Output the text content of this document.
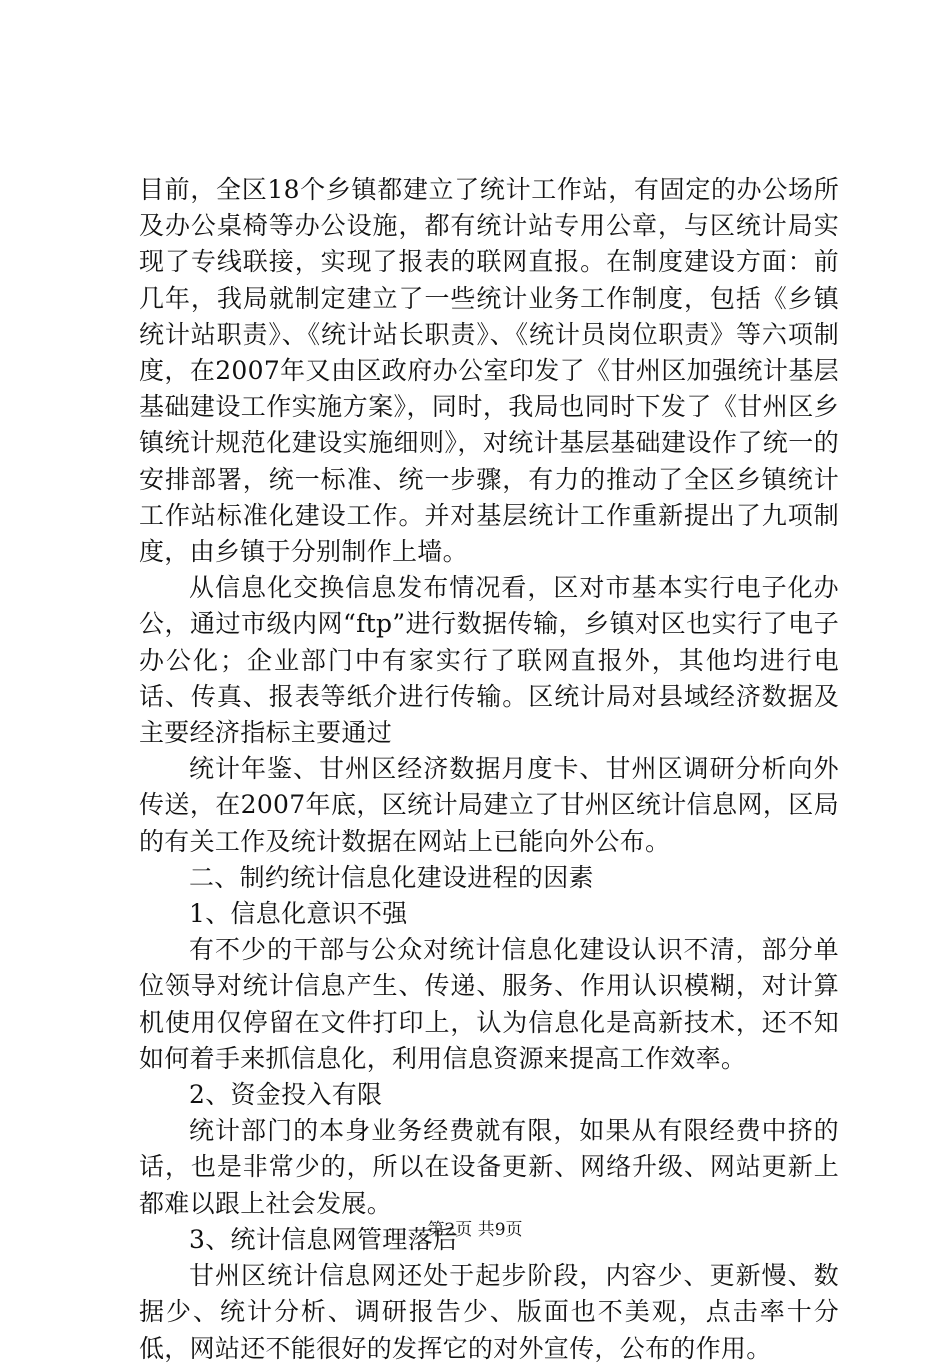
目前，全区18个乡镇都建立了统计工作站，有固定的办公场所及办公桌椅等办公设施，都有统计站专用公章，与区统计局实现了专线联接，实现了报表的联网直报。在制度建设方面：前几年，我局就制定建立了一些统计业务工作制度，包括《乡镇统计站职责》、《统计站长职责》、《统计员岗位职责》等六项制度，在2007年又由区政府办公室印发了《甘州区加强统计基层基础建设工作实施方案》，同时，我局也同时下发了《甘州区乡镇统计规范化建设实施细则》，对统计基层基础建设作了统一的安排部署，统一标准、统一步骤，有力的推动了全区乡镇统计工作站标准化建设工作。并对基层统计工作重新提出了九项制度，由乡镇于分别制作上墙。

从信息化交换信息发布情况看，区对市基本实行电子化办公，通过市级内网“ftp”进行数据传输，乡镇对区也实行了电子办公化；企业部门中有家实行了联网直报外，其他均进行电话、传真、报表等纸介进行传输。区统计局对县域经济数据及主要经济指标主要通过

统计年鉴、甘州区经济数据月度卡、甘州区调研分析向外传送，在2007年底，区统计局建立了甘州区统计信息网，区局的有关工作及统计数据在网站上已能向外公布。

二、制约统计信息化建设进程的因素

1、信息化意识不强

有不少的干部与公众对统计信息化建设认识不清，部分单位领导对统计信息产生、传递、服务、作用认识模糊，对计算机使用仅停留在文件打印上，认为信息化是高新技术，还不知如何着手来抓信息化，利用信息资源来提高工作效率。

2、资金投入有限

统计部门的本身业务经费就有限，如果从有限经费中挤的话，也是非常少的，所以在设备更新、网络升级、网站更新上都难以跟上社会发展。

3、统计信息网管理落后

甘州区统计信息网还处于起步阶段，内容少、更新慢、数据少、统计分析、调研报告少、版面也不美观，点击率十分低，网站还不能很好的发挥它的对外宣传，公布的作用。

第2页 共9页
